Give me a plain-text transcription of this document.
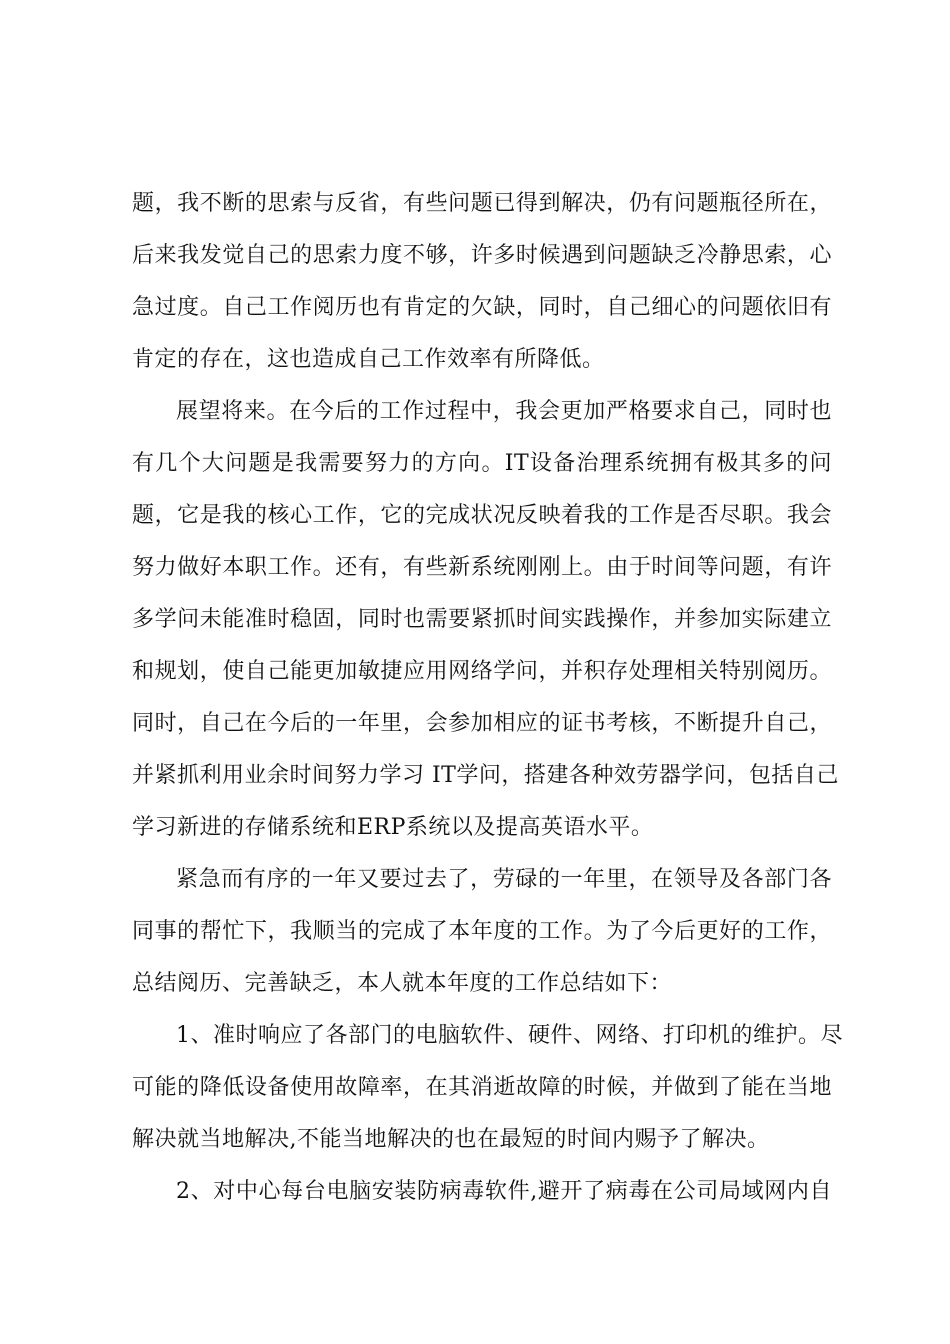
题，我不断的思索与反省，有些问题已得到解决，仍有问题瓶径所在，
后来我发觉自己的思索力度不够，许多时候遇到问题缺乏冷静思索，心
急过度。自己工作阅历也有肯定的欠缺，同时，自己细心的问题依旧有
肯定的存在，这也造成自己工作效率有所降低。
展望将来。在今后的工作过程中，我会更加严格要求自己，同时也
有几个大问题是我需要努力的方向。IT设备治理系统拥有极其多的问
题，它是我的核心工作，它的完成状况反映着我的工作是否尽职。我会
努力做好本职工作。还有，有些新系统刚刚上。由于时间等问题，有许
多学问未能准时稳固，同时也需要紧抓时间实践操作，并参加实际建立
和规划，使自己能更加敏捷应用网络学问，并积存处理相关特别阅历。
同时，自己在今后的一年里，会参加相应的证书考核，不断提升自己，
并紧抓利用业余时间努力学习 IT学问，搭建各种效劳器学问，包括自己
学习新进的存储系统和ERP系统以及提高英语水平。
紧急而有序的一年又要过去了，劳碌的一年里，在领导及各部门各
同事的帮忙下，我顺当的完成了本年度的工作。为了今后更好的工作，
总结阅历、完善缺乏，本人就本年度的工作总结如下：
1、准时响应了各部门的电脑软件、硬件、网络、打印机的维护。尽
可能的降低设备使用故障率，在其消逝故障的时候，并做到了能在当地
解决就当地解决,不能当地解决的也在最短的时间内赐予了解决。
2、对中心每台电脑安装防病毒软件,避开了病毒在公司局域网内自
